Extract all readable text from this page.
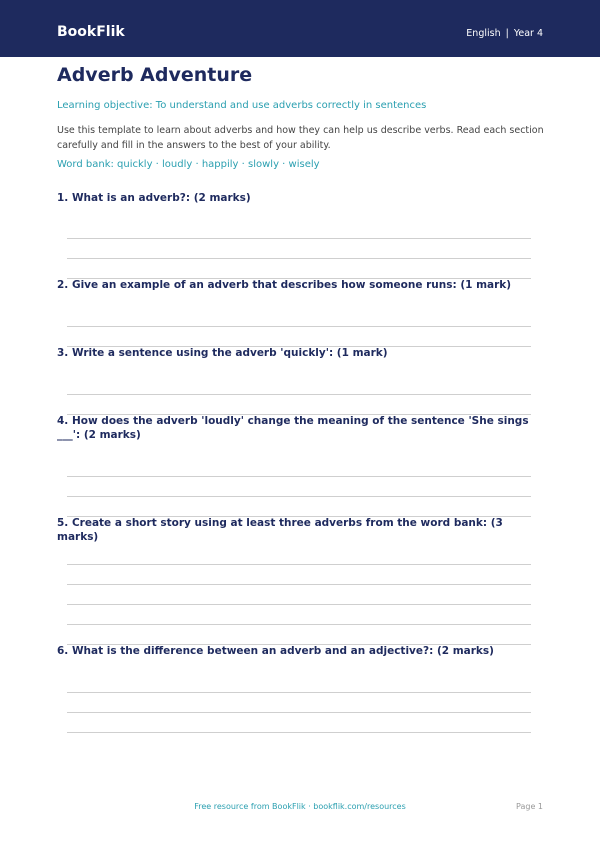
BookFlik	English | Year 4
Adverb Adventure
Learning objective: To understand and use adverbs correctly in sentences
Use this template to learn about adverbs and how they can help us describe verbs. Read each section carefully and fill in the answers to the best of your ability.
Word bank: quickly · loudly · happily · slowly · wisely
1. What is an adverb?: (2 marks)
2. Give an example of an adverb that describes how someone runs: (1 mark)
3. Write a sentence using the adverb 'quickly': (1 mark)
4. How does the adverb 'loudly' change the meaning of the sentence 'She sings ___': (2 marks)
5. Create a short story using at least three adverbs from the word bank: (3 marks)
6. What is the difference between an adverb and an adjective?: (2 marks)
Free resource from BookFlik · bookflik.com/resources	Page 1
